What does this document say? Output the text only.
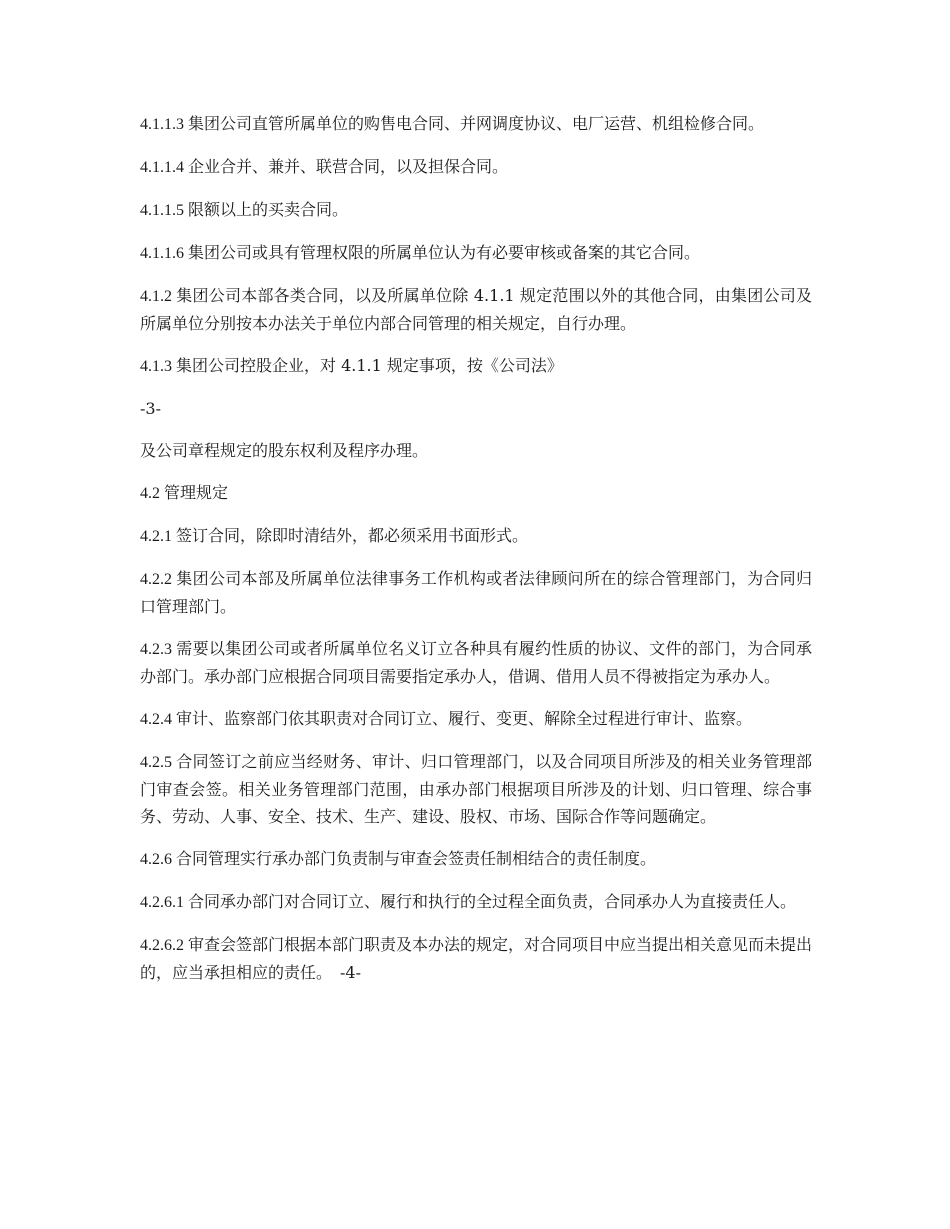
4.1.1.3 集团公司直管所属单位的购售电合同、并网调度协议、电厂运营、机组检修合同。

4.1.1.4 企业合并、兼并、联营合同，以及担保合同。

4.1.1.5 限额以上的买卖合同。

4.1.1.6 集团公司或具有管理权限的所属单位认为有必要审核或备案的其它合同。

4.1.2 集团公司本部各类合同，以及所属单位除 4.1.1 规定范围以外的其他合同，由集团公司及所属单位分别按本办法关于单位内部合同管理的相关规定，自行办理。

4.1.3 集团公司控股企业，对 4.1.1 规定事项，按《公司法》

-3-

及公司章程规定的股东权利及程序办理。

4.2 管理规定

4.2.1 签订合同，除即时清结外，都必须采用书面形式。

4.2.2 集团公司本部及所属单位法律事务工作机构或者法律顾问所在的综合管理部门，为合同归口管理部门。

4.2.3 需要以集团公司或者所属单位名义订立各种具有履约性质的协议、文件的部门，为合同承办部门。承办部门应根据合同项目需要指定承办人，借调、借用人员不得被指定为承办人。

4.2.4 审计、监察部门依其职责对合同订立、履行、变更、解除全过程进行审计、监察。

4.2.5 合同签订之前应当经财务、审计、归口管理部门，以及合同项目所涉及的相关业务管理部门审查会签。相关业务管理部门范围，由承办部门根据项目所涉及的计划、归口管理、综合事务、劳动、人事、安全、技术、生产、建设、股权、市场、国际合作等问题确定。

4.2.6 合同管理实行承办部门负责制与审查会签责任制相结合的责任制度。

4.2.6.1 合同承办部门对合同订立、履行和执行的全过程全面负责，合同承办人为直接责任人。

4.2.6.2 审查会签部门根据本部门职责及本办法的规定，对合同项目中应当提出相关意见而未提出的，应当承担相应的责任。 -4-
